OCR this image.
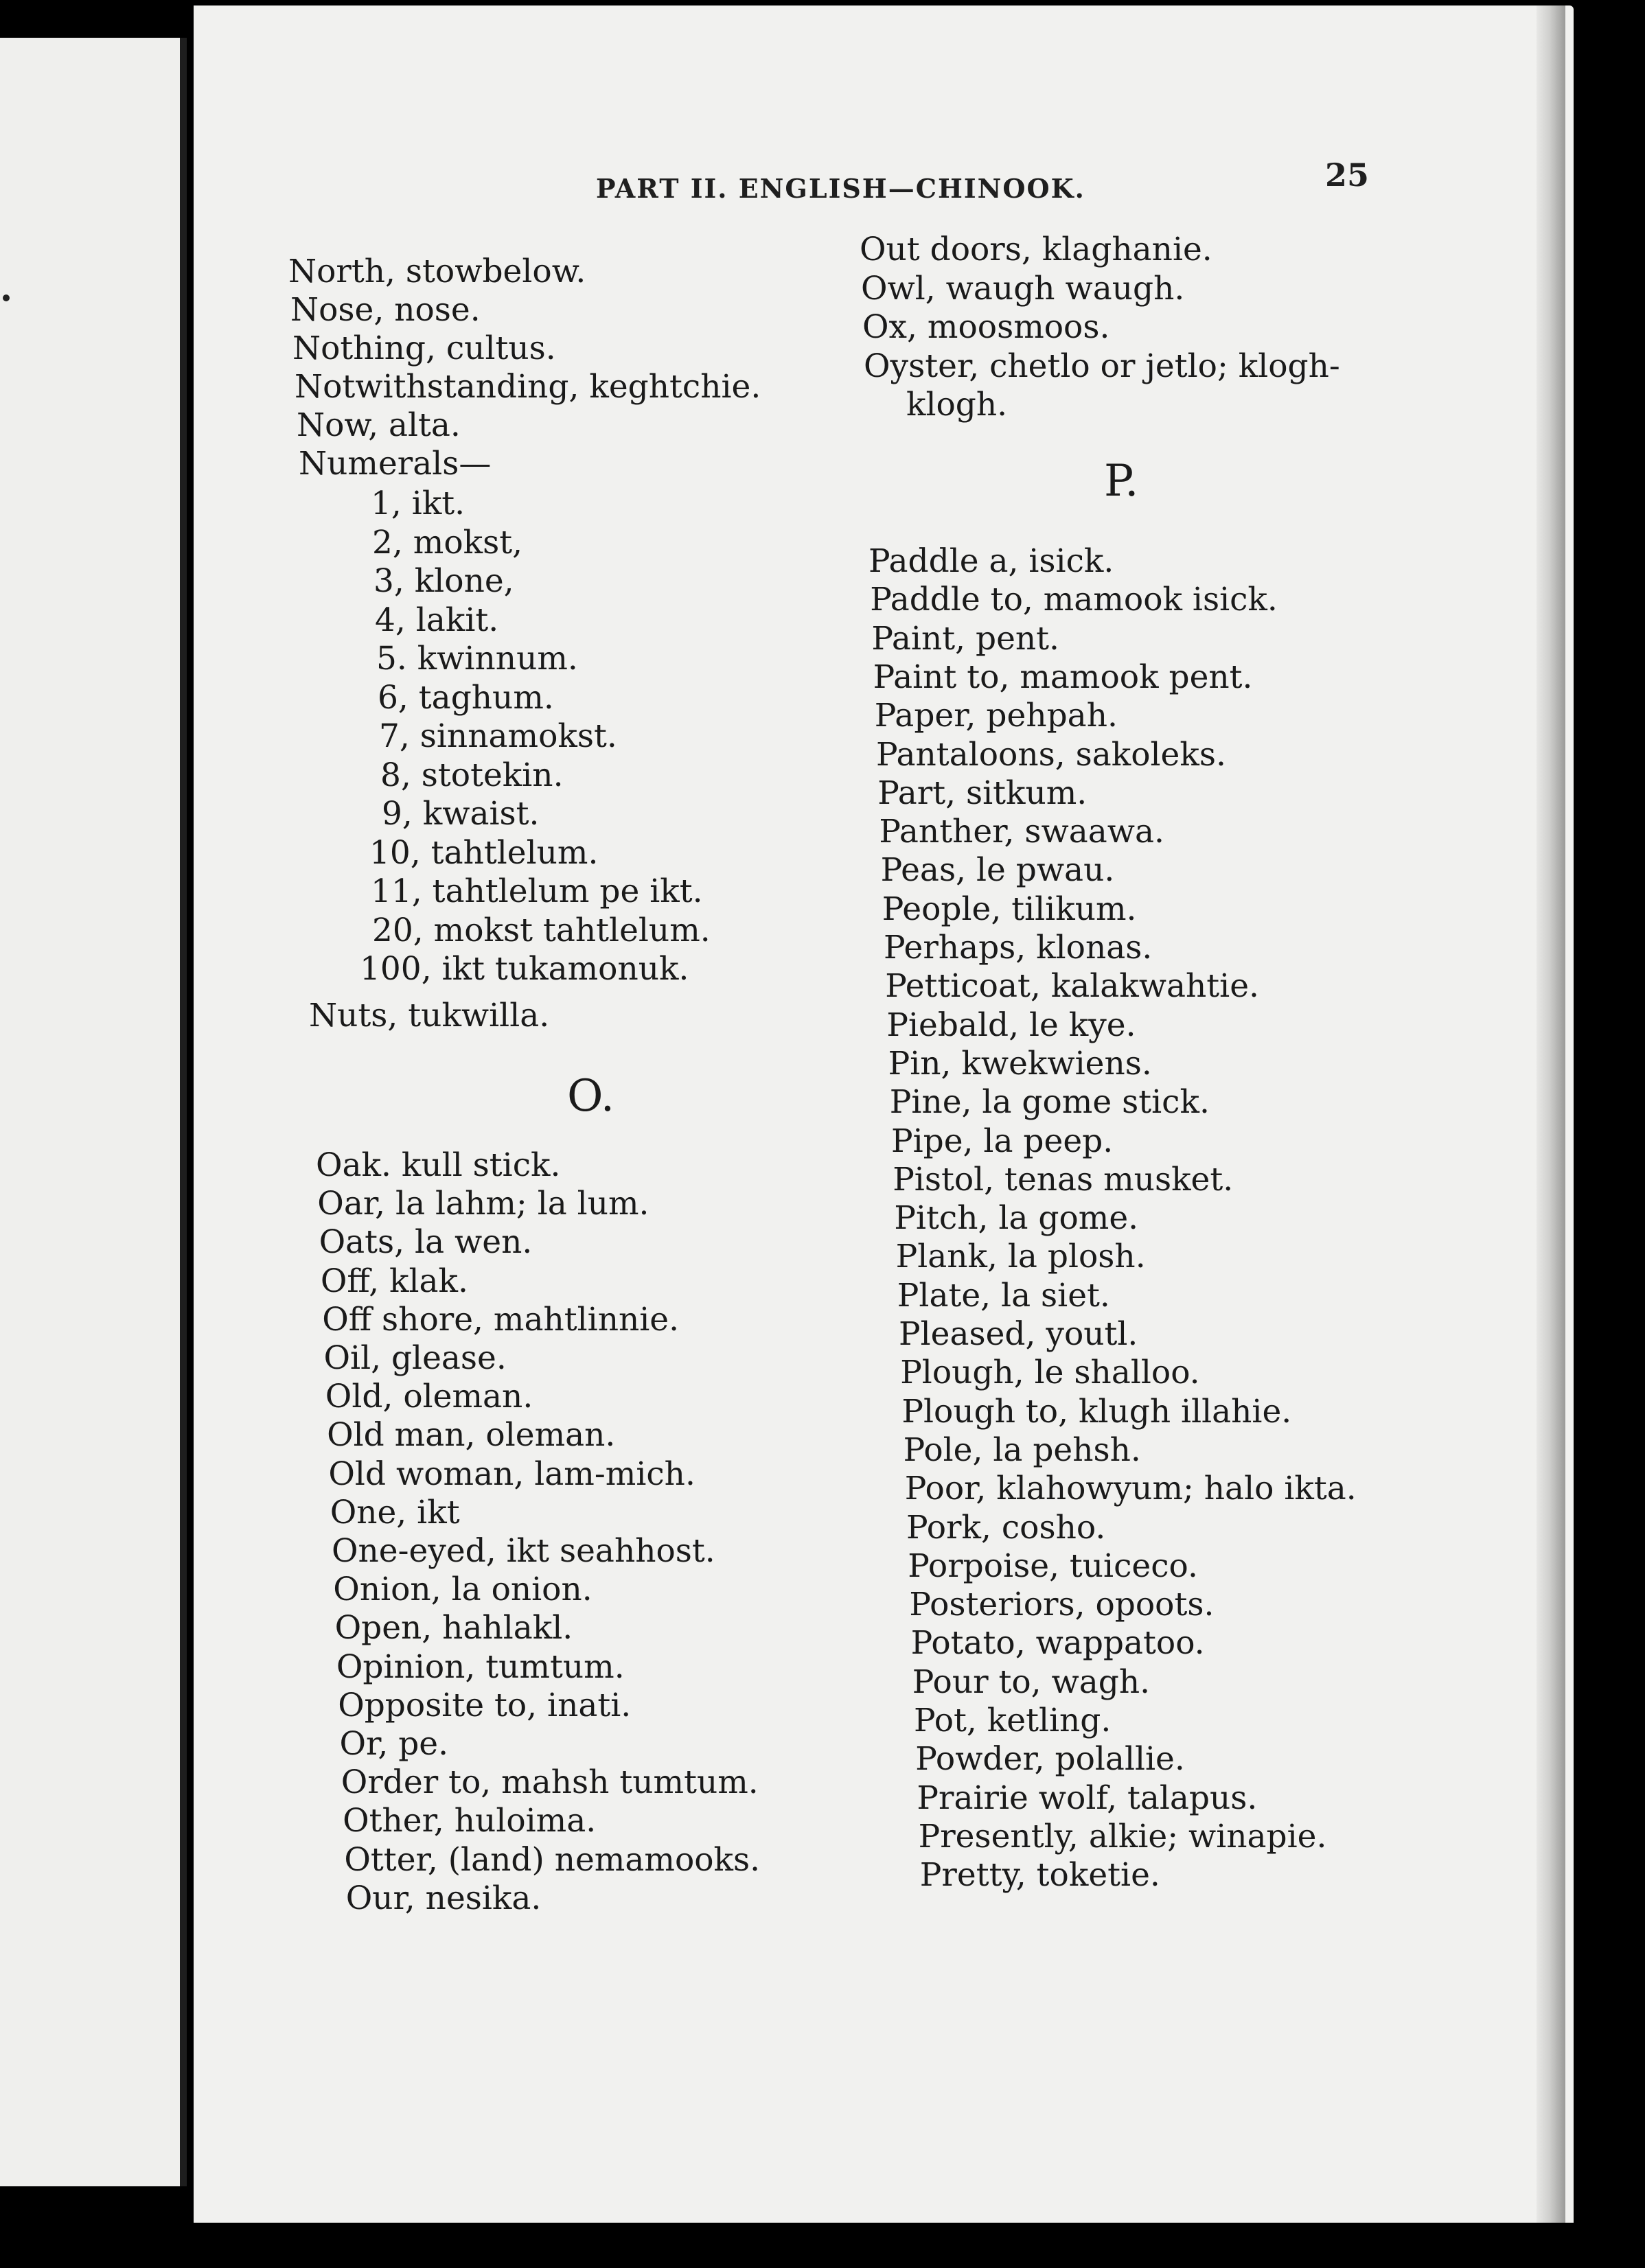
PART II. ENGLISH—CHINOOK.	25
North, stowbelow.
Nose, nose.
Nothing, cultus.
Notwithstanding, keghtchie.
Now, alta.
Numerals—
1, ikt.
2, mokst,
3, klone,
4, lakit.
5. kwinnum.
6, taghum.
7, sinnamokst.
8, stotekin.
9, kwaist.
10, tahtlelum.
11, tahtlelum pe ikt.
20, mokst tahtlelum.
100, ikt tukamonuk.
Nuts, tukwilla.
O.
Oak. kull stick.
Oar, la lahm; la lum.
Oats, la wen.
Off, klak.
Off shore, mahtlinnie.
Oil, glease.
Old, oleman.
Old man, oleman.
Old woman, lam-mich.
One, ikt
One-eyed, ikt seahhost.
Onion, la onion.
Open, hahlakl.
Opinion, tumtum.
Opposite to, inati.
Or, pe.
Order to, mahsh tumtum.
Other, huloima.
Otter, (land) nemamooks.
Our, nesika.
Out doors, klaghanie.
Owl, waugh waugh.
Ox, moosmoos.
Oyster, chetlo or jetlo; klogh-
klogh.
P.
Paddle a, isick.
Paddle to, mamook isick.
Paint, pent.
Paint to, mamook pent.
Paper, pehpah.
Pantaloons, sakoleks.
Part, sitkum.
Panther, swaawa.
Peas, le pwau.
People, tilikum.
Perhaps, klonas.
Petticoat, kalakwahtie.
Piebald, le kye.
Pin, kwekwiens.
Pine, la gome stick.
Pipe, la peep.
Pistol, tenas musket.
Pitch, la gome.
Plank, la plosh.
Plate, la siet.
Pleased, youtl.
Plough, le shalloo.
Plough to, klugh illahie.
Pole, la pehsh.
Poor, klahowyum; halo ikta.
Pork, cosho.
Porpoise, tuiceco.
Posteriors, opoots.
Potato, wappatoo.
Pour to, wagh.
Pot, ketling.
Powder, polallie.
Prairie wolf, talapus.
Presently, alkie; winapie.
Pretty, toketie.
